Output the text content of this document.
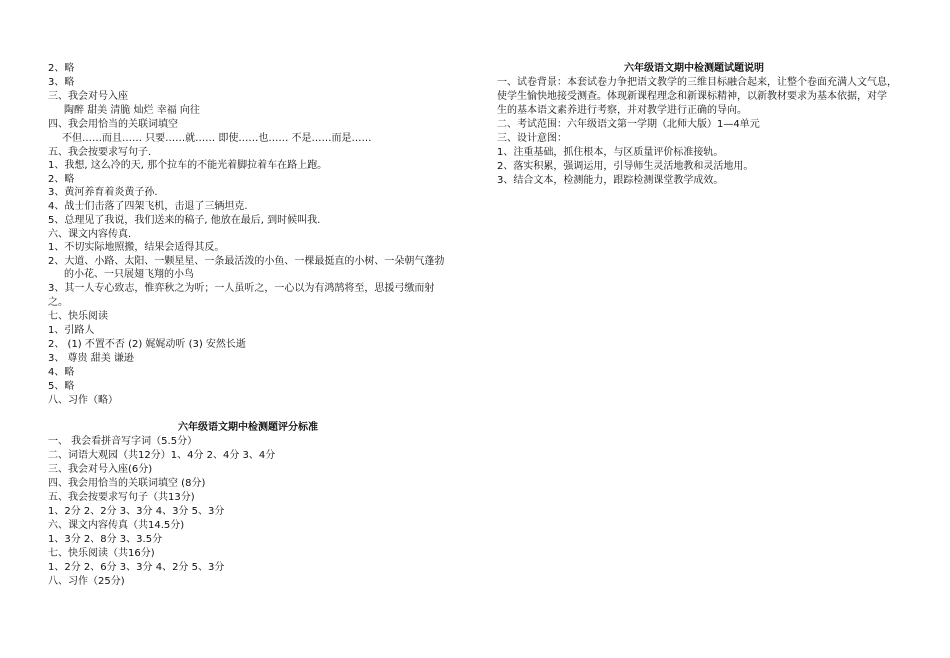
2、略
3、略
三、我会对号入座
陶醉 甜美 清脆 灿烂 幸福 向往
四、我会用恰当的关联词填空
不但……而且…… 只要……就…… 即使……也…… 不是……而是……
五、我会按要求写句子.
1、我想, 这么冷的天, 那个拉车的不能光着脚拉着车在路上跑。
2、略
3、黄河养育着炎黄子孙.
4、战士们击落了四架飞机，击退了三辆坦克.
5、总理见了我说，我们送来的稿子, 他放在最后, 到时候叫我.
六、课文内容传真.
1、不切实际地照搬，结果会适得其反。
2、大道、小路、太阳、一颗星星、一条最活泼的小鱼、一棵最挺直的小树、一朵朝气蓬勃
的小花、一只展翅飞翔的小鸟
3、其一人专心致志，惟弈秋之为听；一人虽听之，一心以为有鸿鹄将至，思援弓缴而射
之。
七、快乐阅读
1、引路人
2、 (1) 不置不否 (2) 娓娓动听 (3) 安然长逝
3、 尊贵 甜美 谦逊
4、略
5、略
八、习作（略）
六年级语文期中检测题评分标准
一、 我会看拼音写字词（5.5分）
二、词语大观园（共12分）1、4分 2、4分 3、4分
三、我会对号入座(6分)
四、我会用恰当的关联词填空 (8分)
五、我会按要求写句子（共13分)
1、2分 2、2分 3、3分 4、3分 5、3分
六、课文内容传真（共14.5分)
1、3分 2、8分 3、3.5分
七、快乐阅读（共16分)
1、2分 2、6分 3、3分 4、2分 5、3分
八、习作（25分)
六年级语文期中检测题试题说明
一、试卷背景：本套试卷力争把语文教学的三维目标融合起来，让整个卷面充满人文气息，
使学生愉快地接受测查。体现新课程理念和新课标精神，以新教材要求为基本依据，对学
生的基本语文素养进行考察，并对教学进行正确的导向。
二、考试范围：六年级语文第一学期（北师大版）1—4单元
三、设计意图：
1、注重基础，抓住根本，与区质量评价标准接轨。
2、落实积累，强调运用，引导师生灵活地教和灵活地用。
3、结合文本，检测能力，跟踪检测课堂教学成效。
